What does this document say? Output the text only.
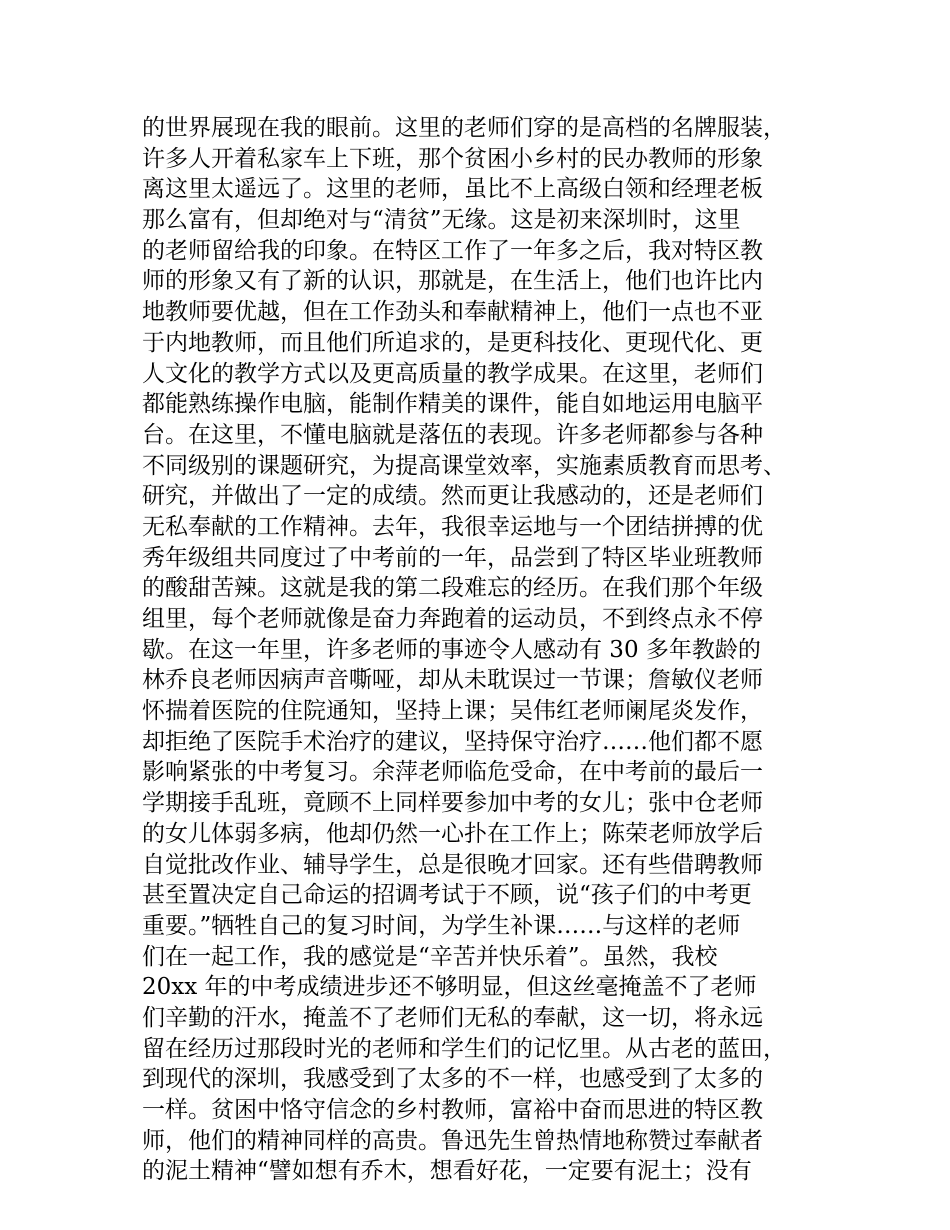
的世界展现在我的眼前。这里的老师们穿的是高档的名牌服装，
许多人开着私家车上下班，那个贫困小乡村的民办教师的形象
离这里太遥远了。这里的老师，虽比不上高级白领和经理老板
那么富有，但却绝对与“清贫”无缘。这是初来深圳时，这里
的老师留给我的印象。在特区工作了一年多之后，我对特区教
师的形象又有了新的认识，那就是，在生活上，他们也许比内
地教师要优越，但在工作劲头和奉献精神上，他们一点也不亚
于内地教师，而且他们所追求的，是更科技化、更现代化、更
人文化的教学方式以及更高质量的教学成果。在这里，老师们
都能熟练操作电脑，能制作精美的课件，能自如地运用电脑平
台。在这里，不懂电脑就是落伍的表现。许多老师都参与各种
不同级别的课题研究，为提高课堂效率，实施素质教育而思考、
研究，并做出了一定的成绩。然而更让我感动的，还是老师们
无私奉献的工作精神。去年，我很幸运地与一个团结拼搏的优
秀年级组共同度过了中考前的一年，品尝到了特区毕业班教师
的酸甜苦辣。这就是我的第二段难忘的经历。在我们那个年级
组里，每个老师就像是奋力奔跑着的运动员，不到终点永不停
歇。在这一年里，许多老师的事迹令人感动有 30 多年教龄的
林乔良老师因病声音嘶哑，却从未耽误过一节课；詹敏仪老师
怀揣着医院的住院通知，坚持上课；吴伟红老师阑尾炎发作，
却拒绝了医院手术治疗的建议，坚持保守治疗……他们都不愿
影响紧张的中考复习。余萍老师临危受命，在中考前的最后一
学期接手乱班，竟顾不上同样要参加中考的女儿；张中仓老师
的女儿体弱多病，他却仍然一心扑在工作上；陈荣老师放学后
自觉批改作业、辅导学生，总是很晚才回家。还有些借聘教师
甚至置决定自己命运的招调考试于不顾，说“孩子们的中考更
重要。”牺牲自己的复习时间，为学生补课……与这样的老师
们在一起工作，我的感觉是“辛苦并快乐着”。虽然，我校
20xx 年的中考成绩进步还不够明显，但这丝毫掩盖不了老师
们辛勤的汗水，掩盖不了老师们无私的奉献，这一切，将永远
留在经历过那段时光的老师和学生们的记忆里。从古老的蓝田，
到现代的深圳，我感受到了太多的不一样，也感受到了太多的
一样。贫困中恪守信念的乡村教师，富裕中奋而思进的特区教
师，他们的精神同样的高贵。鲁迅先生曾热情地称赞过奉献者
的泥土精神“譬如想有乔木，想看好花，一定要有泥土；没有
